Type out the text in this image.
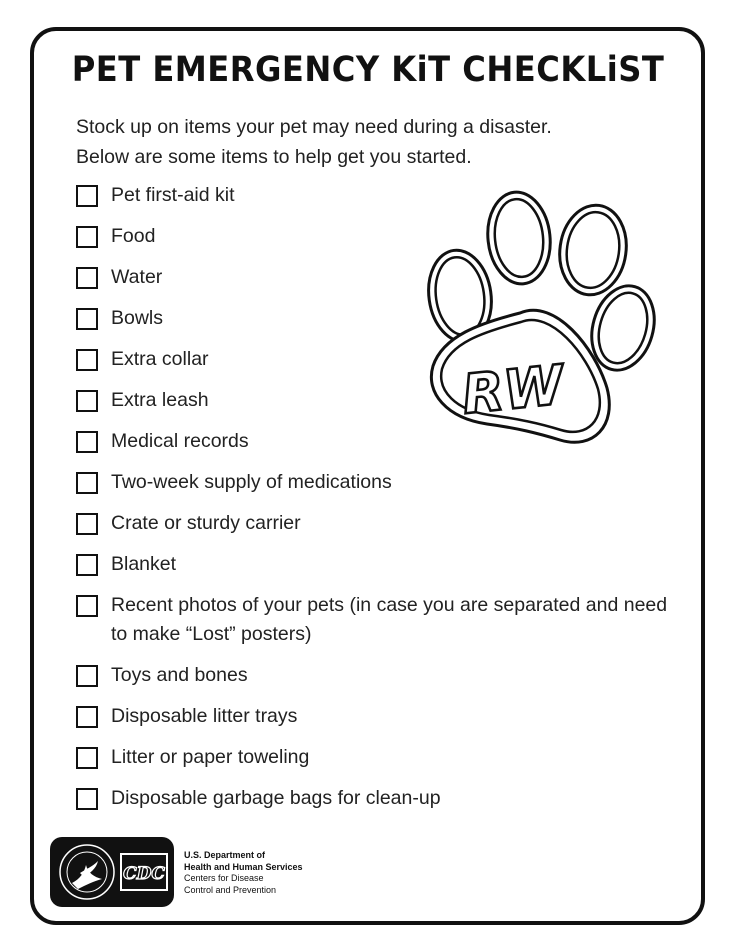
PET EMERGENCY KiT CHECKLiST

Stock up on items your pet may need during a disaster.

Below are some items to help get you started.

Pet first-aid kit
Food
Water
Bowls
Extra collar
Extra leash
Medical records
Two-week supply of medications
Crate or sturdy carrier
Blanket
Recent photos of your pets (in case you are separated and need to make “Lost” posters)
Toys and bones
Disposable litter trays
Litter or paper toweling
Disposable garbage bags for clean-up
RW
CDC
U.S. Department of
Health and Human Services
Centers for Disease
Control and Prevention
